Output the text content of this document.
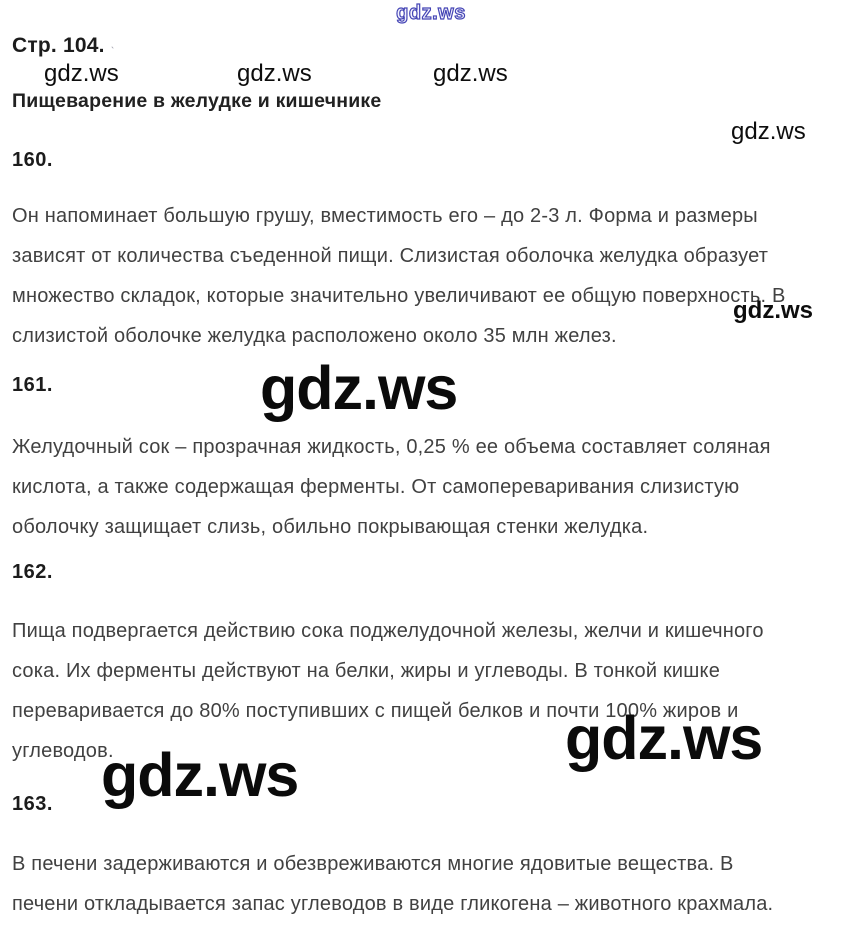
gdz.ws
Стр. 104. $^ˎ$
gdz.ws	gdz.ws	gdz.ws
Пищеварение в желудке и кишечнике
gdz.ws
160.
Он напоминает большую грушу, вместимость его – до 2-3 л. Форма и размеры
зависят от количества съеденной пищи. Слизистая оболочка желудка образует
множество складок, которые значительно увеличивают ее общую поверхность. В
слизистой оболочке желудка расположено около 35 млн желез.
gdz.ws
161.	gdz.ws
Желудочный сок – прозрачная жидкость, 0,25 % ее объема составляет соляная
кислота, а также содержащая ферменты. От самопереваривания слизистую
оболочку защищает слизь, обильно покрывающая стенки желудка.
162.
Пища подвергается действию сока поджелудочной железы, желчи и кишечного
сока. Их ферменты действуют на белки, жиры и углеводы. В тонкой кишке
переваривается до 80% поступивших с пищей белков и почти 100% жиров и
углеводов.	gdz.ws
gdz.ws
163.
В печени задерживаются и обезвреживаются многие ядовитые вещества. В
печени откладывается запас углеводов в виде гликогена – животного крахмала.
